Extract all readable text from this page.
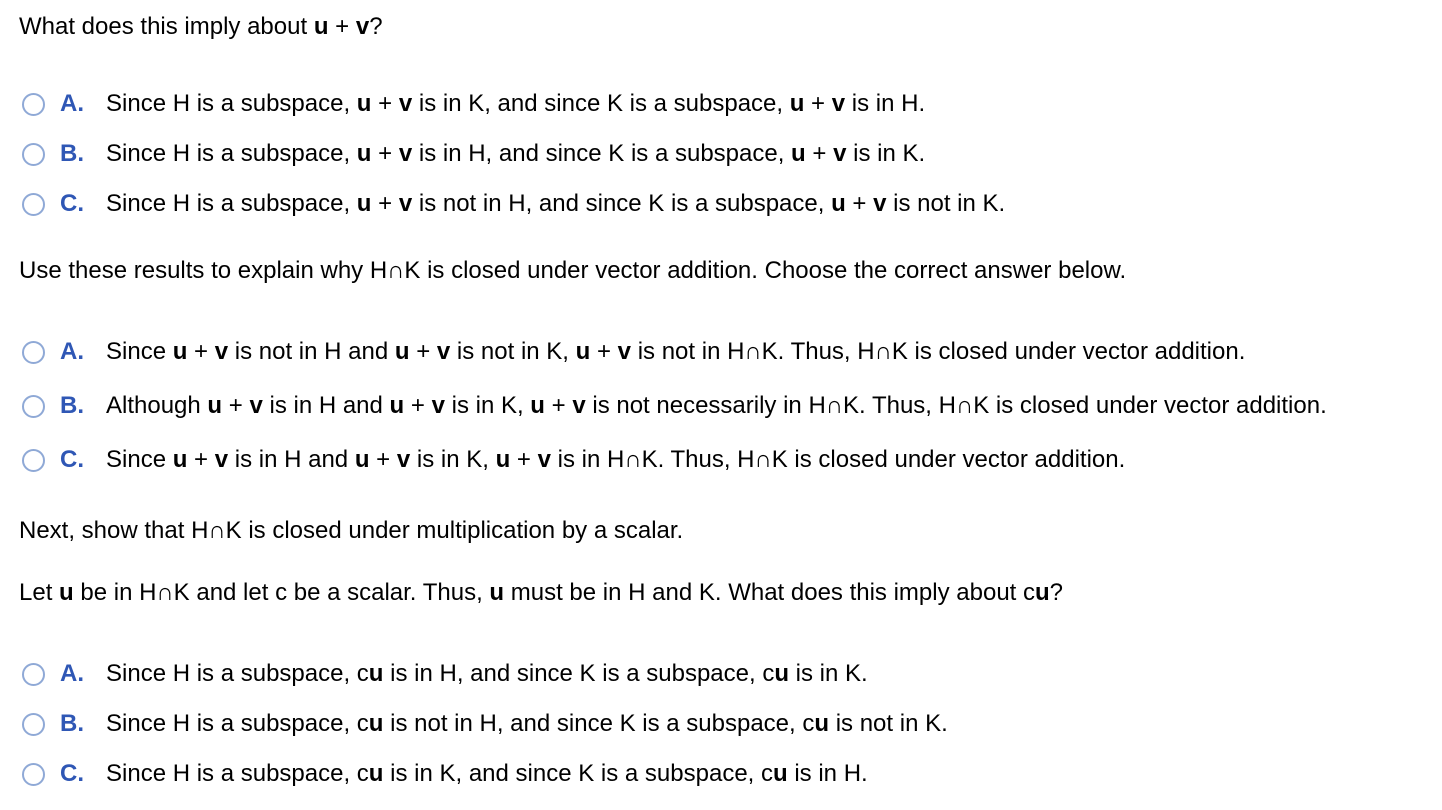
What does this imply about u + v?
A. Since H is a subspace, u + v is in K, and since K is a subspace, u + v is in H.
B. Since H is a subspace, u + v is in H, and since K is a subspace, u + v is in K.
C. Since H is a subspace, u + v is not in H, and since K is a subspace, u + v is not in K.
Use these results to explain why H∩K is closed under vector addition. Choose the correct answer below.
A. Since u + v is not in H and u + v is not in K, u + v is not in H∩K. Thus, H∩K is closed under vector addition.
B. Although u + v is in H and u + v is in K, u + v is not necessarily in H∩K. Thus, H∩K is closed under vector addition.
C. Since u + v is in H and u + v is in K, u + v is in H∩K. Thus, H∩K is closed under vector addition.
Next, show that H∩K is closed under multiplication by a scalar.
Let u be in H∩K and let c be a scalar. Thus, u must be in H and K. What does this imply about cu?
A. Since H is a subspace, cu is in H, and since K is a subspace, cu is in K.
B. Since H is a subspace, cu is not in H, and since K is a subspace, cu is not in K.
C. Since H is a subspace, cu is in K, and since K is a subspace, cu is in H.
